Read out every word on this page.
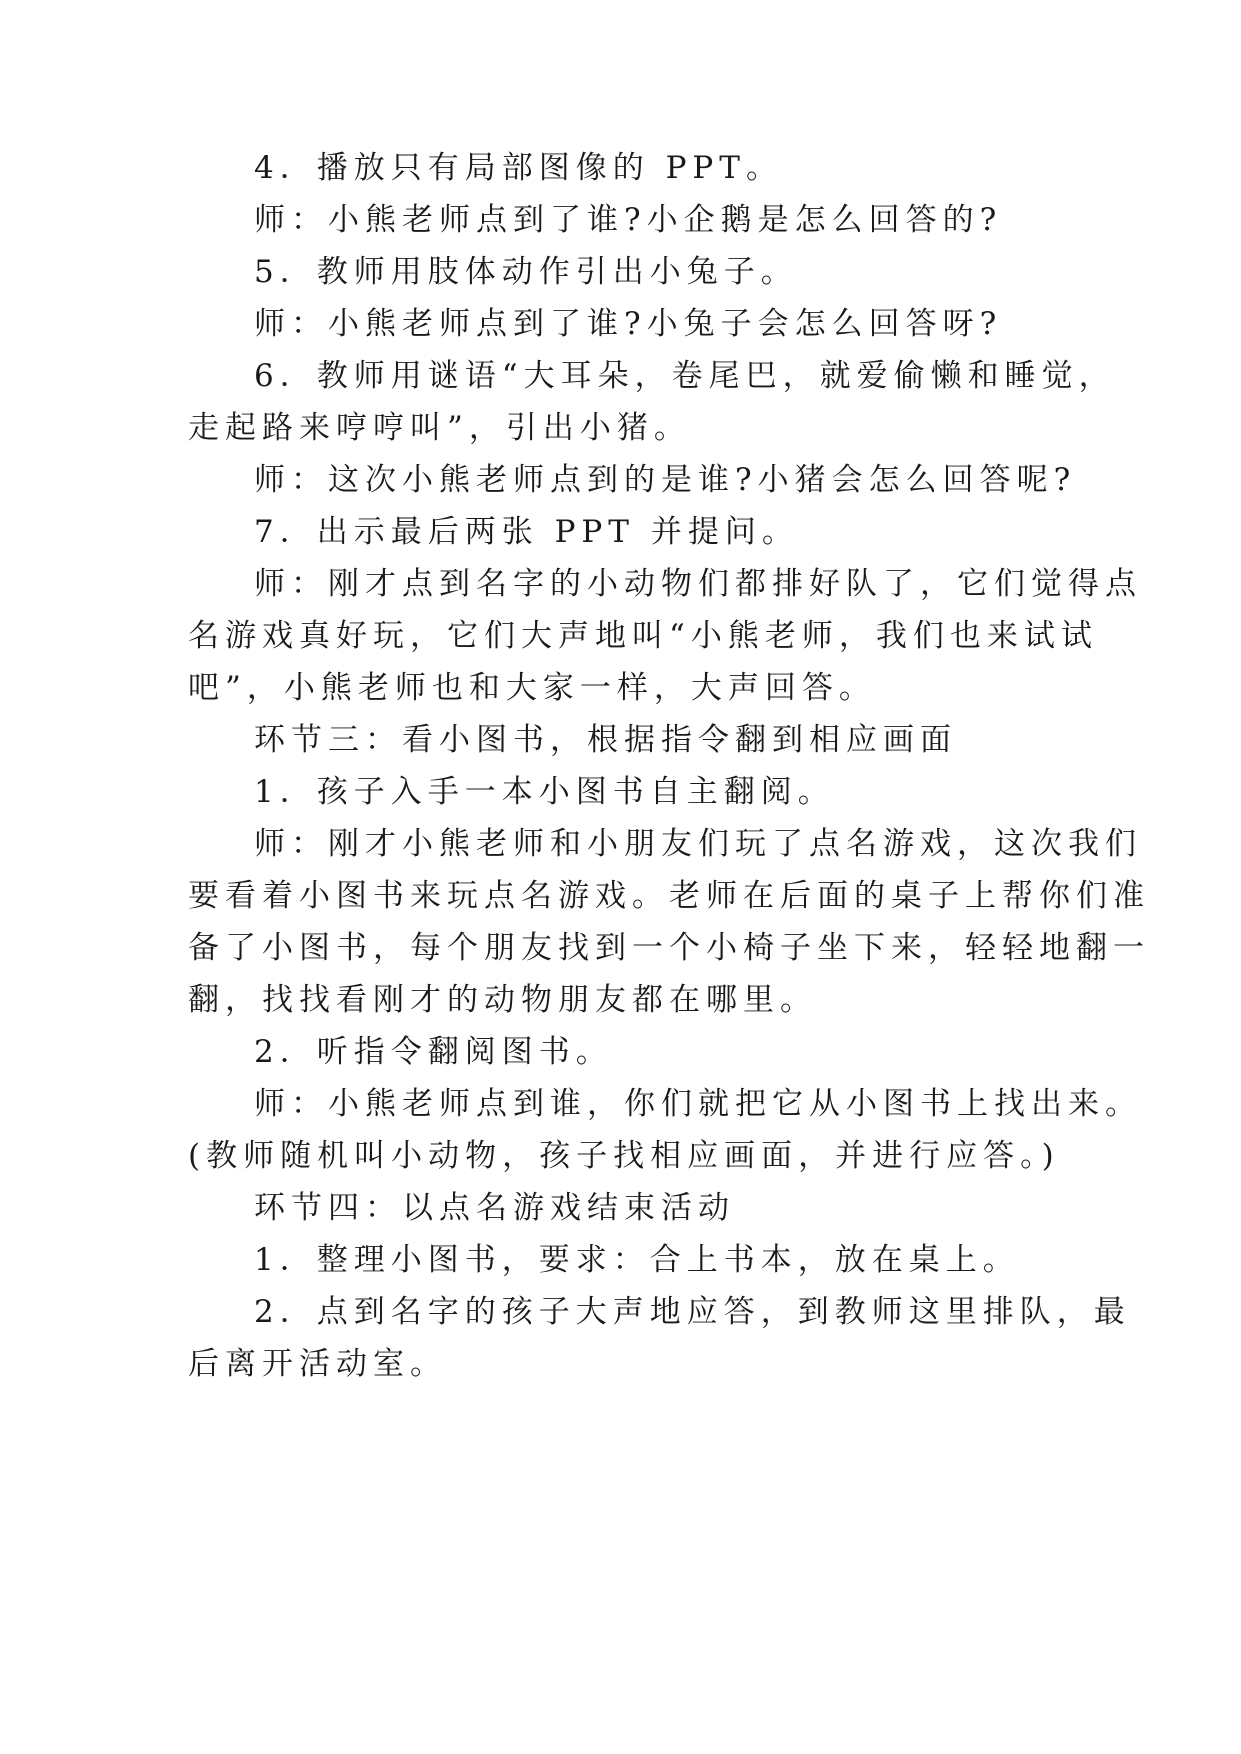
4．播放只有局部图像的 PPT。
师：小熊老师点到了谁?小企鹅是怎么回答的?
5．教师用肢体动作引出小兔子。
师：小熊老师点到了谁?小兔子会怎么回答呀?
6．教师用谜语“大耳朵，卷尾巴，就爱偷懒和睡觉，
走起路来哼哼叫”，引出小猪。
师：这次小熊老师点到的是谁?小猪会怎么回答呢?
7．出示最后两张 PPT 并提问。
师：刚才点到名字的小动物们都排好队了，它们觉得点
名游戏真好玩，它们大声地叫“小熊老师，我们也来试试
吧”，小熊老师也和大家一样，大声回答。
环节三：看小图书，根据指令翻到相应画面
1．孩子入手一本小图书自主翻阅。
师：刚才小熊老师和小朋友们玩了点名游戏，这次我们
要看着小图书来玩点名游戏。老师在后面的桌子上帮你们准
备了小图书，每个朋友找到一个小椅子坐下来，轻轻地翻一
翻，找找看刚才的动物朋友都在哪里。
2．听指令翻阅图书。
师：小熊老师点到谁，你们就把它从小图书上找出来。
(教师随机叫小动物，孩子找相应画面，并进行应答。)
环节四：以点名游戏结束活动
1．整理小图书，要求：合上书本，放在桌上。
2．点到名字的孩子大声地应答，到教师这里排队，最
后离开活动室。
